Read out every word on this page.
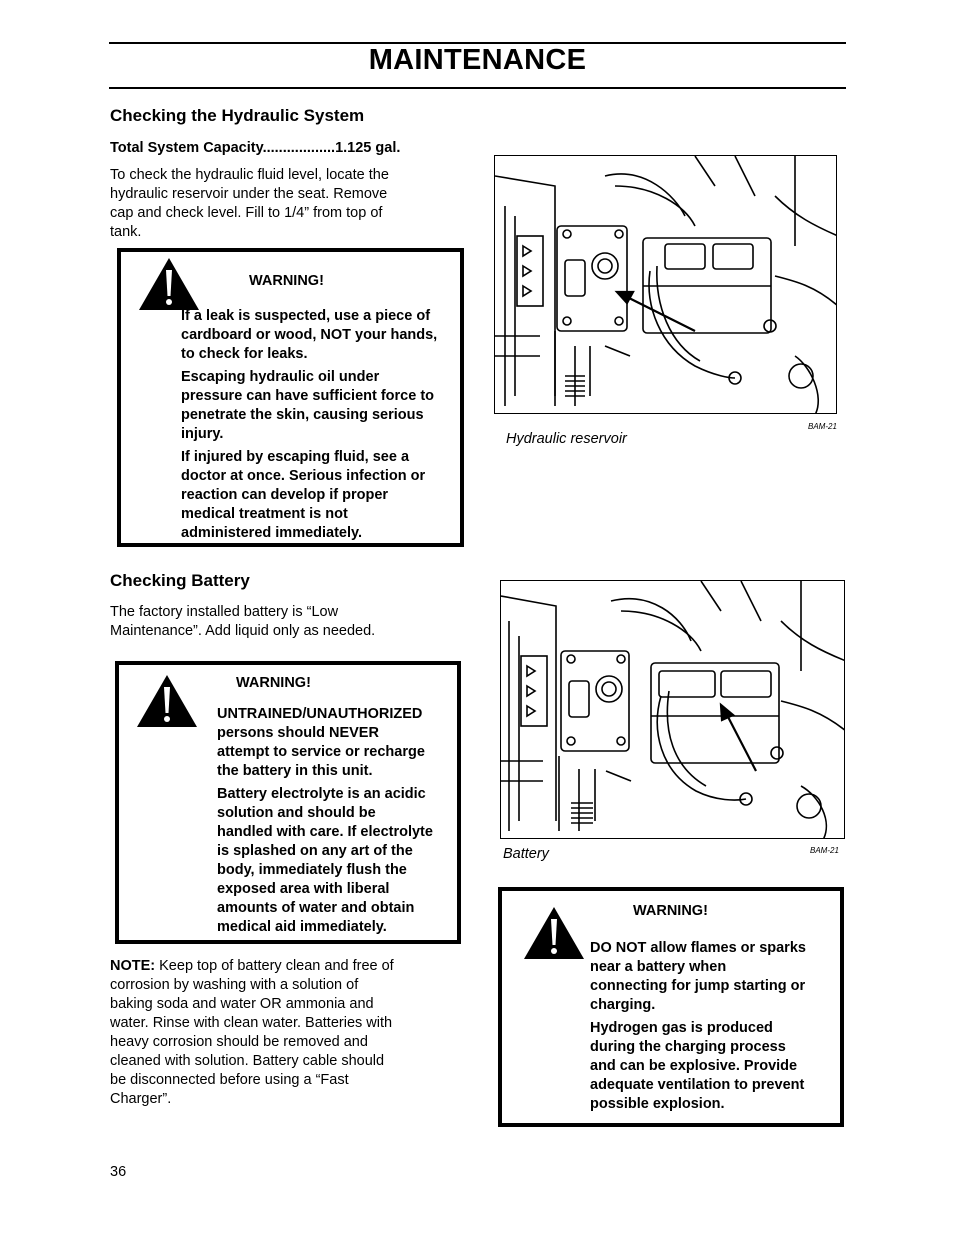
MAINTENANCE
Checking the Hydraulic System
Total System Capacity..................1.125 gal.
To check the hydraulic fluid level, locate the
hydraulic reservoir under the seat. Remove
cap and check level. Fill to 1/4” from top of
tank.
WARNING!

If a leak is suspected, use a piece of
cardboard or wood, NOT your hands,
to check for leaks.

Escaping hydraulic oil under
pressure can have sufficient force to
penetrate the skin, causing serious
injury.

If injured by escaping fluid, see a
doctor at once. Serious infection or
reaction can develop if proper
medical treatment is not
administered immediately.

Hydraulic reservoir
BAM-21
Checking Battery
The factory installed battery is “Low
Maintenance”. Add liquid only as needed.
WARNING!

UNTRAINED/UNAUTHORIZED
persons should NEVER
attempt to service or recharge
the battery in this unit.

Battery electrolyte is an acidic
solution and should be
handled with care. If electrolyte
is splashed on any art of the
body, immediately flush the
exposed area with liberal
amounts of water and obtain
medical aid immediately.

NOTE: Keep top of battery clean and free of
corrosion by washing with a solution of
baking soda and water OR ammonia and
water. Rinse with clean water. Batteries with
heavy corrosion should be removed and
cleaned with solution. Battery cable should
be disconnected before using a “Fast
Charger”.
Battery	BAM-21
WARNING!

DO NOT allow flames or sparks
near a battery when
connecting for jump starting or
charging.

Hydrogen gas is produced
during the charging process
and can be explosive. Provide
adequate ventilation to prevent
possible explosion.

36
